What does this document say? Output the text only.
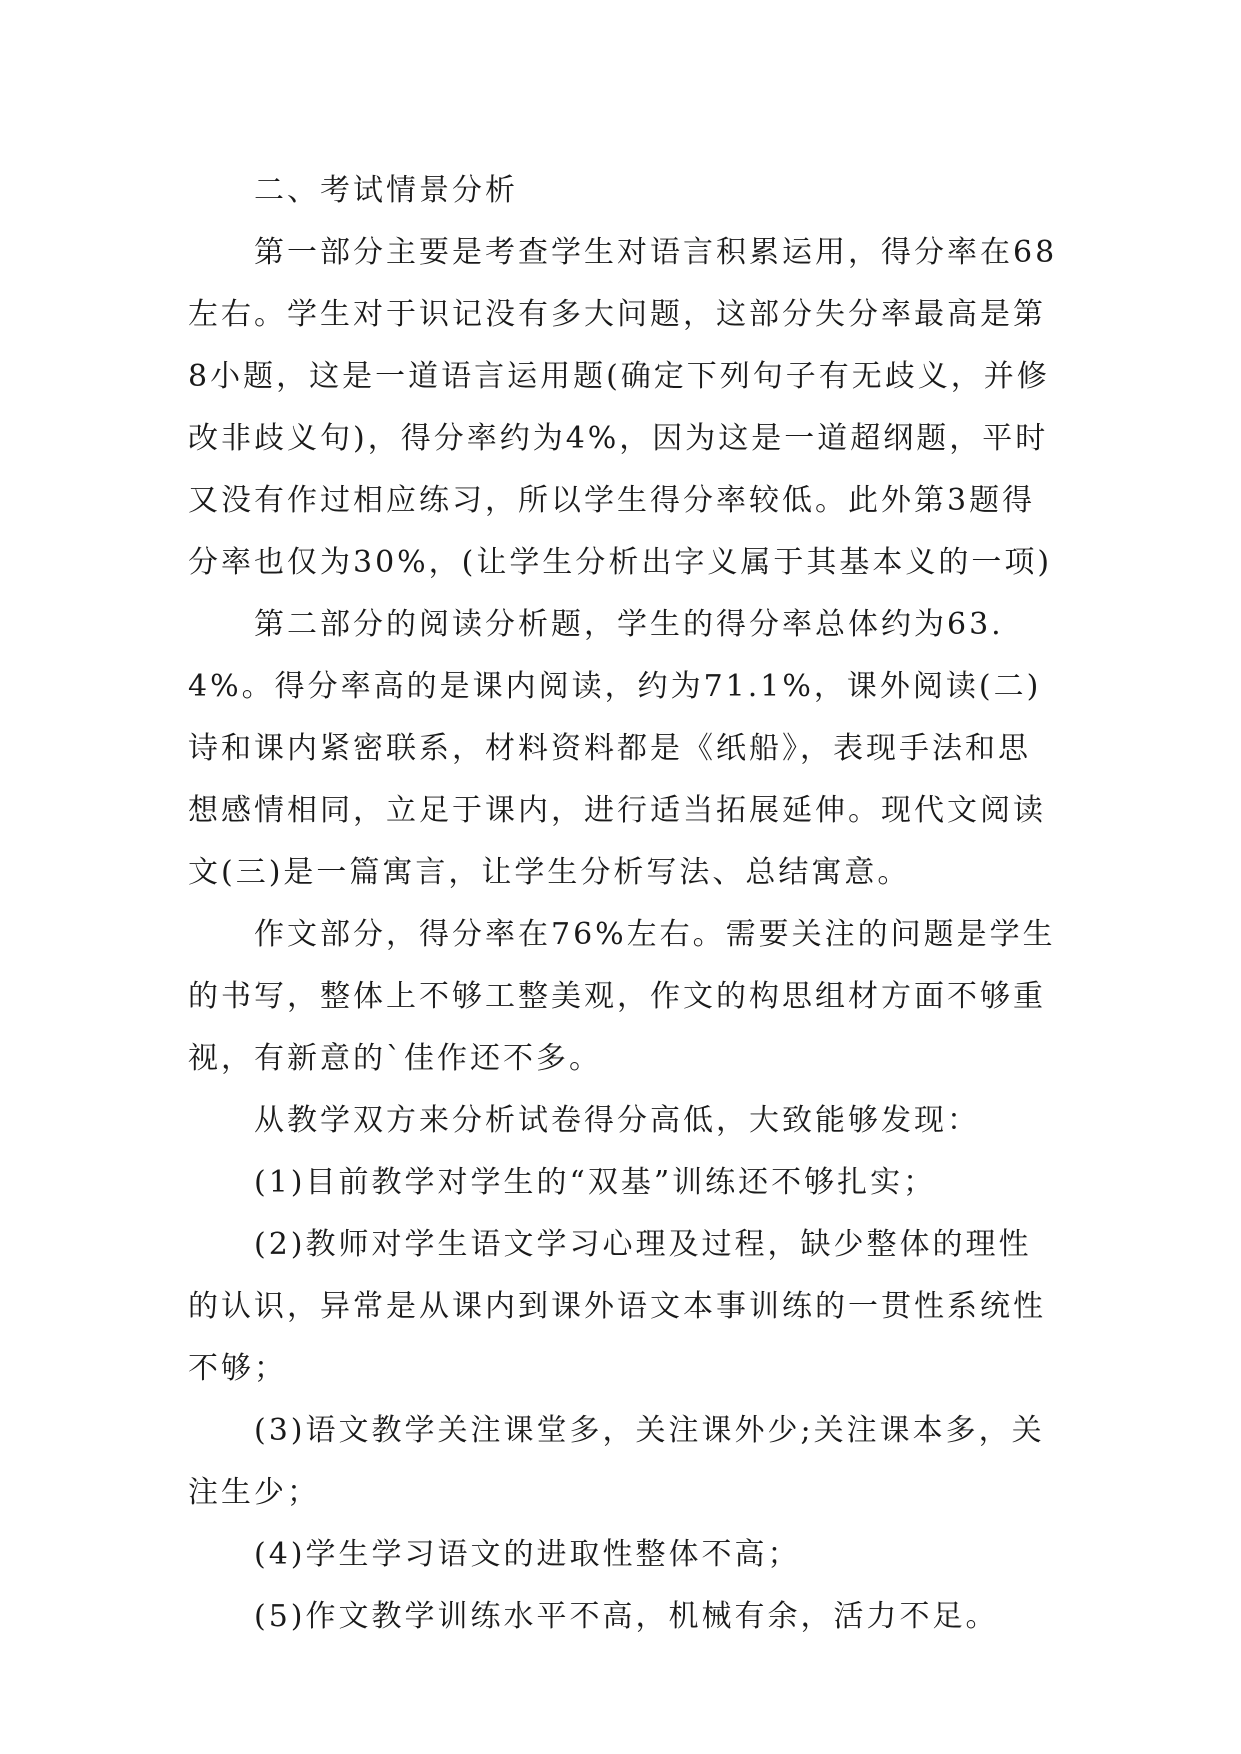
二、考试情景分析

第一部分主要是考查学生对语言积累运用，得分率在68左右。学生对于识记没有多大问题，这部分失分率最高是第8小题，这是一道语言运用题(确定下列句子有无歧义，并修改非歧义句)，得分率约为4%，因为这是一道超纲题，平时又没有作过相应练习，所以学生得分率较低。此外第3题得分率也仅为30%，(让学生分析出字义属于其基本义的一项)

第二部分的阅读分析题，学生的得分率总体约为63.4%。得分率高的是课内阅读，约为71.1%，课外阅读(二)诗和课内紧密联系，材料资料都是《纸船》，表现手法和思想感情相同，立足于课内，进行适当拓展延伸。现代文阅读文(三)是一篇寓言，让学生分析写法、总结寓意。

作文部分，得分率在76%左右。需要关注的问题是学生的书写，整体上不够工整美观，作文的构思组材方面不够重视，有新意的`佳作还不多。

从教学双方来分析试卷得分高低，大致能够发现：

(1)目前教学对学生的“双基”训练还不够扎实；

(2)教师对学生语文学习心理及过程，缺少整体的理性的认识，异常是从课内到课外语文本事训练的一贯性系统性不够；

(3)语文教学关注课堂多，关注课外少;关注课本多，关注生少；

(4)学生学习语文的进取性整体不高；

(5)作文教学训练水平不高，机械有余，活力不足。
